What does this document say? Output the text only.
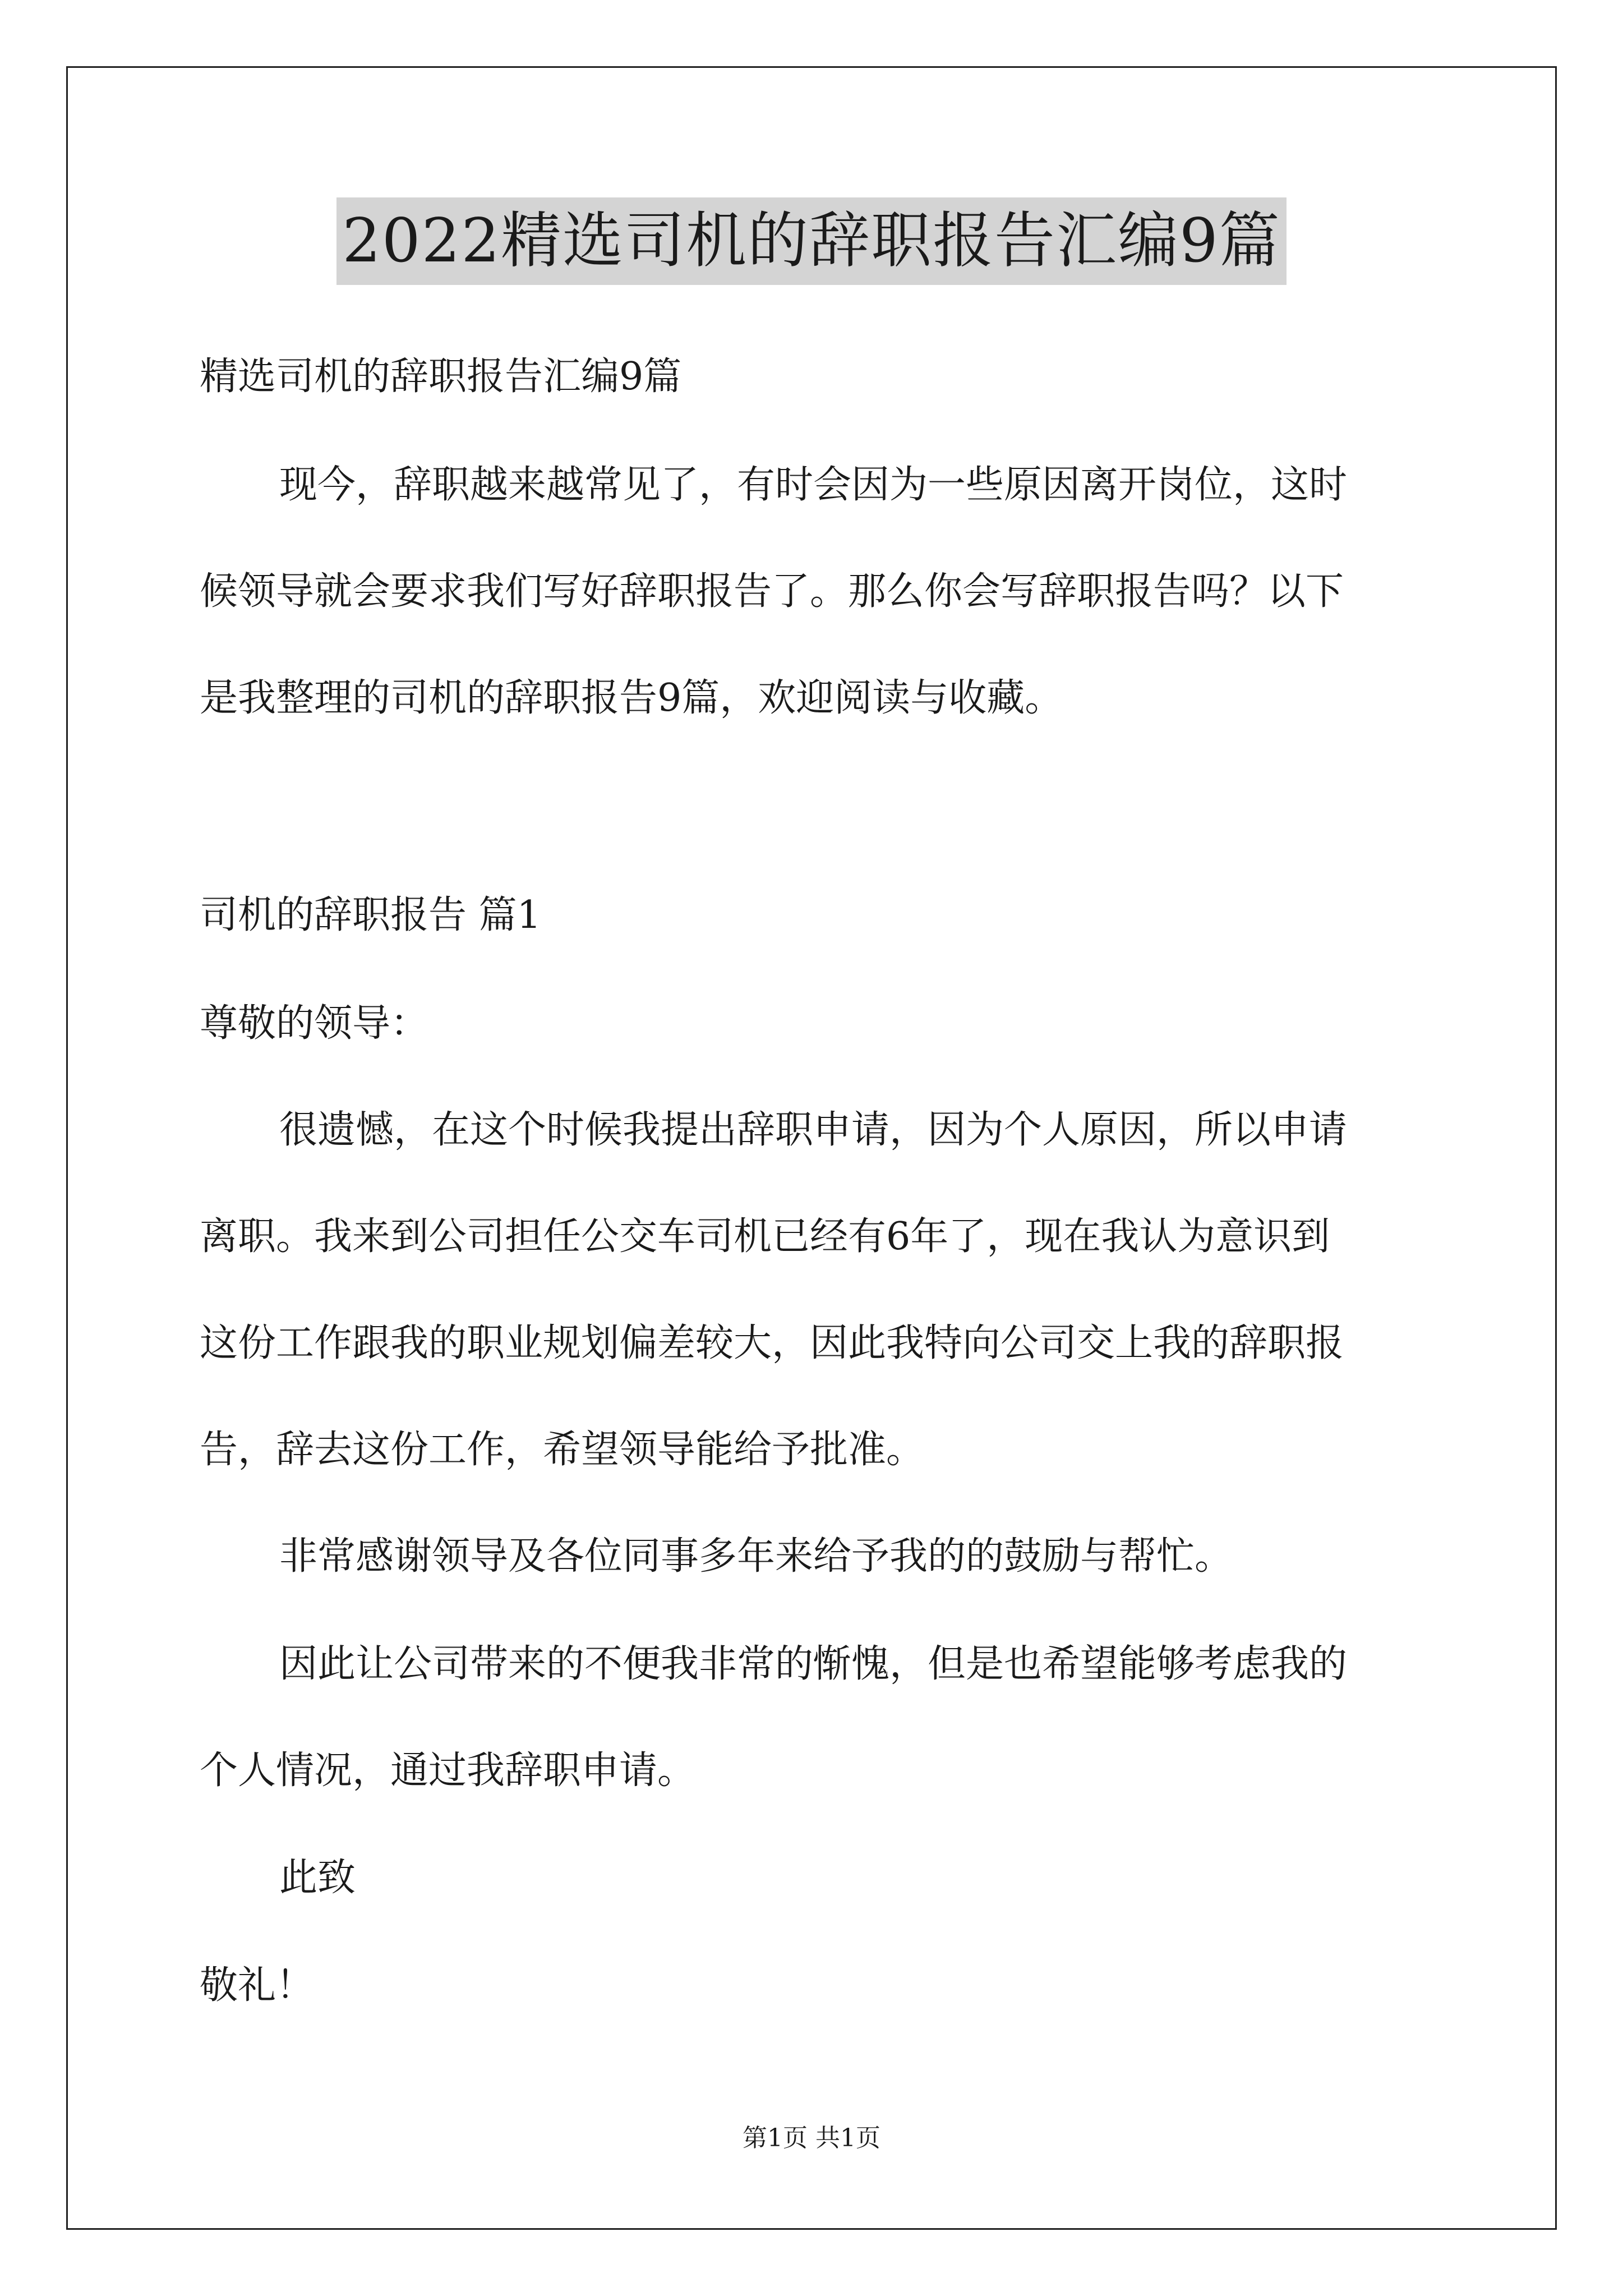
2022精选司机的辞职报告汇编9篇
精选司机的辞职报告汇编9篇
现今，辞职越来越常见了，有时会因为一些原因离开岗位，这时
候领导就会要求我们写好辞职报告了。那么你会写辞职报告吗？以下
是我整理的司机的辞职报告9篇，欢迎阅读与收藏。
司机的辞职报告 篇1
尊敬的领导：
很遗憾，在这个时候我提出辞职申请，因为个人原因，所以申请
离职。我来到公司担任公交车司机已经有6年了，现在我认为意识到
这份工作跟我的职业规划偏差较大，因此我特向公司交上我的辞职报
告，辞去这份工作，希望领导能给予批准。
非常感谢领导及各位同事多年来给予我的的鼓励与帮忙。
因此让公司带来的不便我非常的惭愧，但是也希望能够考虑我的
个人情况，通过我辞职申请。
此致
敬礼！
第1页 共1页
